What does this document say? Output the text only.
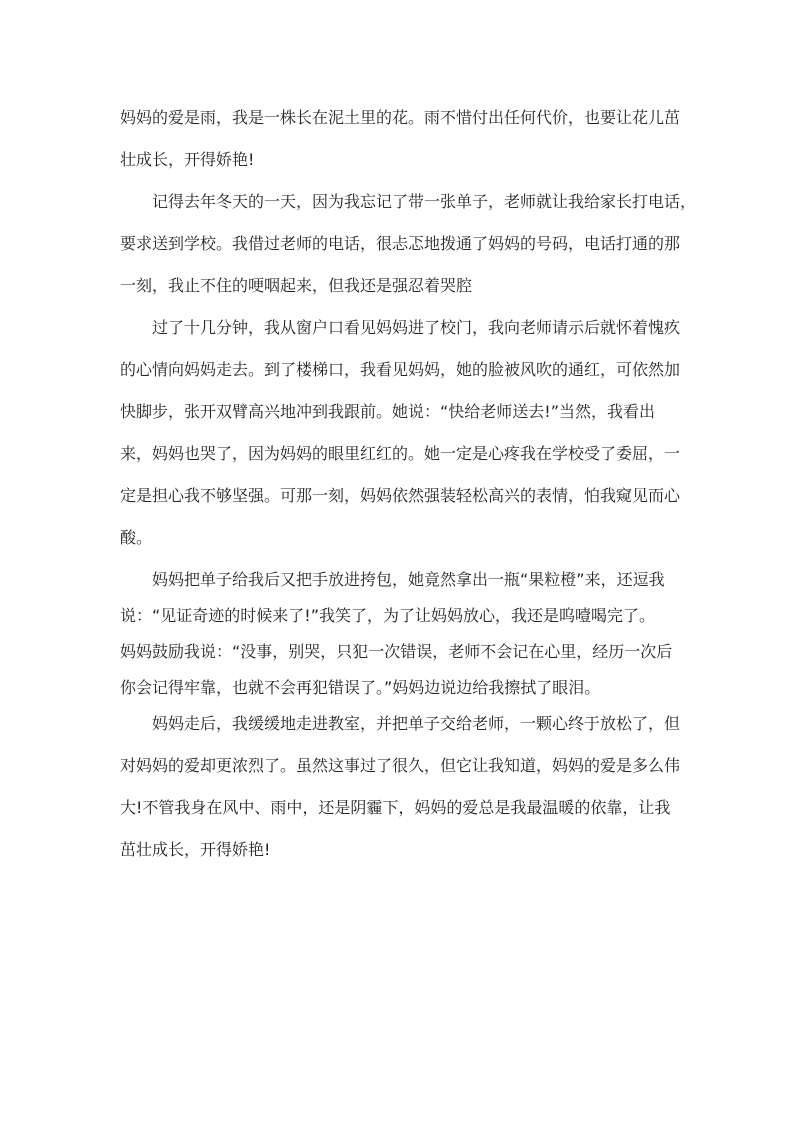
妈妈的爱是雨，我是一株长在泥土里的花。雨不惜付出任何代价，也要让花儿茁
壮成长，开得娇艳!
记得去年冬天的一天，因为我忘记了带一张单子，老师就让我给家长打电话，
要求送到学校。我借过老师的电话，很忐忑地拨通了妈妈的号码，电话打通的那
一刻，我止不住的哽咽起来，但我还是强忍着哭腔
过了十几分钟，我从窗户口看见妈妈进了校门，我向老师请示后就怀着愧疚
的心情向妈妈走去。到了楼梯口，我看见妈妈，她的脸被风吹的通红，可依然加
快脚步，张开双臂高兴地冲到我跟前。她说：“快给老师送去!”当然，我看出
来，妈妈也哭了，因为妈妈的眼里红红的。她一定是心疼我在学校受了委屈，一
定是担心我不够坚强。可那一刻，妈妈依然强装轻松高兴的表情，怕我窥见而心
酸。
妈妈把单子给我后又把手放进挎包，她竟然拿出一瓶“果粒橙”来，还逗我
说：“见证奇迹的时候来了!”我笑了，为了让妈妈放心，我还是呜噎喝完了。
妈妈鼓励我说：“没事，别哭，只犯一次错误，老师不会记在心里，经历一次后
你会记得牢靠，也就不会再犯错误了。”妈妈边说边给我擦拭了眼泪。
妈妈走后，我缓缓地走进教室，并把单子交给老师，一颗心终于放松了，但
对妈妈的爱却更浓烈了。虽然这事过了很久，但它让我知道，妈妈的爱是多么伟
大!不管我身在风中、雨中，还是阴霾下，妈妈的爱总是我最温暖的依靠，让我
茁壮成长，开得娇艳!
